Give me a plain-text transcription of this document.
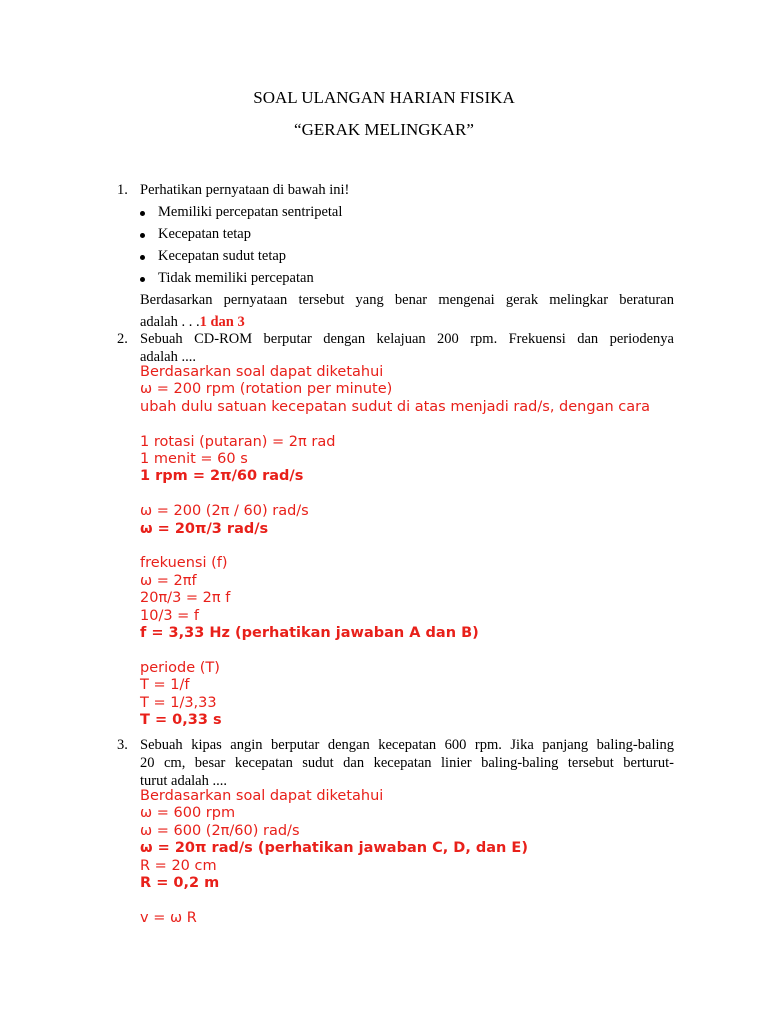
SOAL ULANGAN HARIAN FISIKA
“GERAK MELINGKAR”
1. Perhatikan pernyataan di bawah ini!
Memiliki percepatan sentripetal
Kecepatan tetap
Kecepatan sudut tetap
Tidak memiliki percepatan
Berdasarkan pernyataan tersebut yang benar mengenai gerak melingkar beraturan
adalah . . .1 dan 3
2. Sebuah CD-ROM berputar dengan kelajuan 200 rpm. Frekuensi dan periodenya
adalah ....
Berdasarkan soal dapat diketahui
ω = 200 rpm (rotation per minute)
ubah dulu satuan kecepatan sudut di atas menjadi rad/s, dengan cara
1 rotasi (putaran) = 2π rad
1 menit = 60 s
1 rpm = 2π/60 rad/s
ω = 200 (2π / 60) rad/s
ω = 20π/3 rad/s
frekuensi (f)
ω = 2πf
20π/3 = 2π f
10/3 = f
f = 3,33 Hz (perhatikan jawaban A dan B)
periode (T)
T = 1/f
T = 1/3,33
T = 0,33 s
3. Sebuah kipas angin berputar dengan kecepatan 600 rpm. Jika panjang baling-baling
20 cm, besar kecepatan sudut dan kecepatan linier baling-baling tersebut berturut-
turut adalah ....
Berdasarkan soal dapat diketahui
ω = 600 rpm
ω = 600 (2π/60) rad/s
ω = 20π rad/s (perhatikan jawaban C, D, dan E)
R = 20 cm
R = 0,2 m
v = ω R
